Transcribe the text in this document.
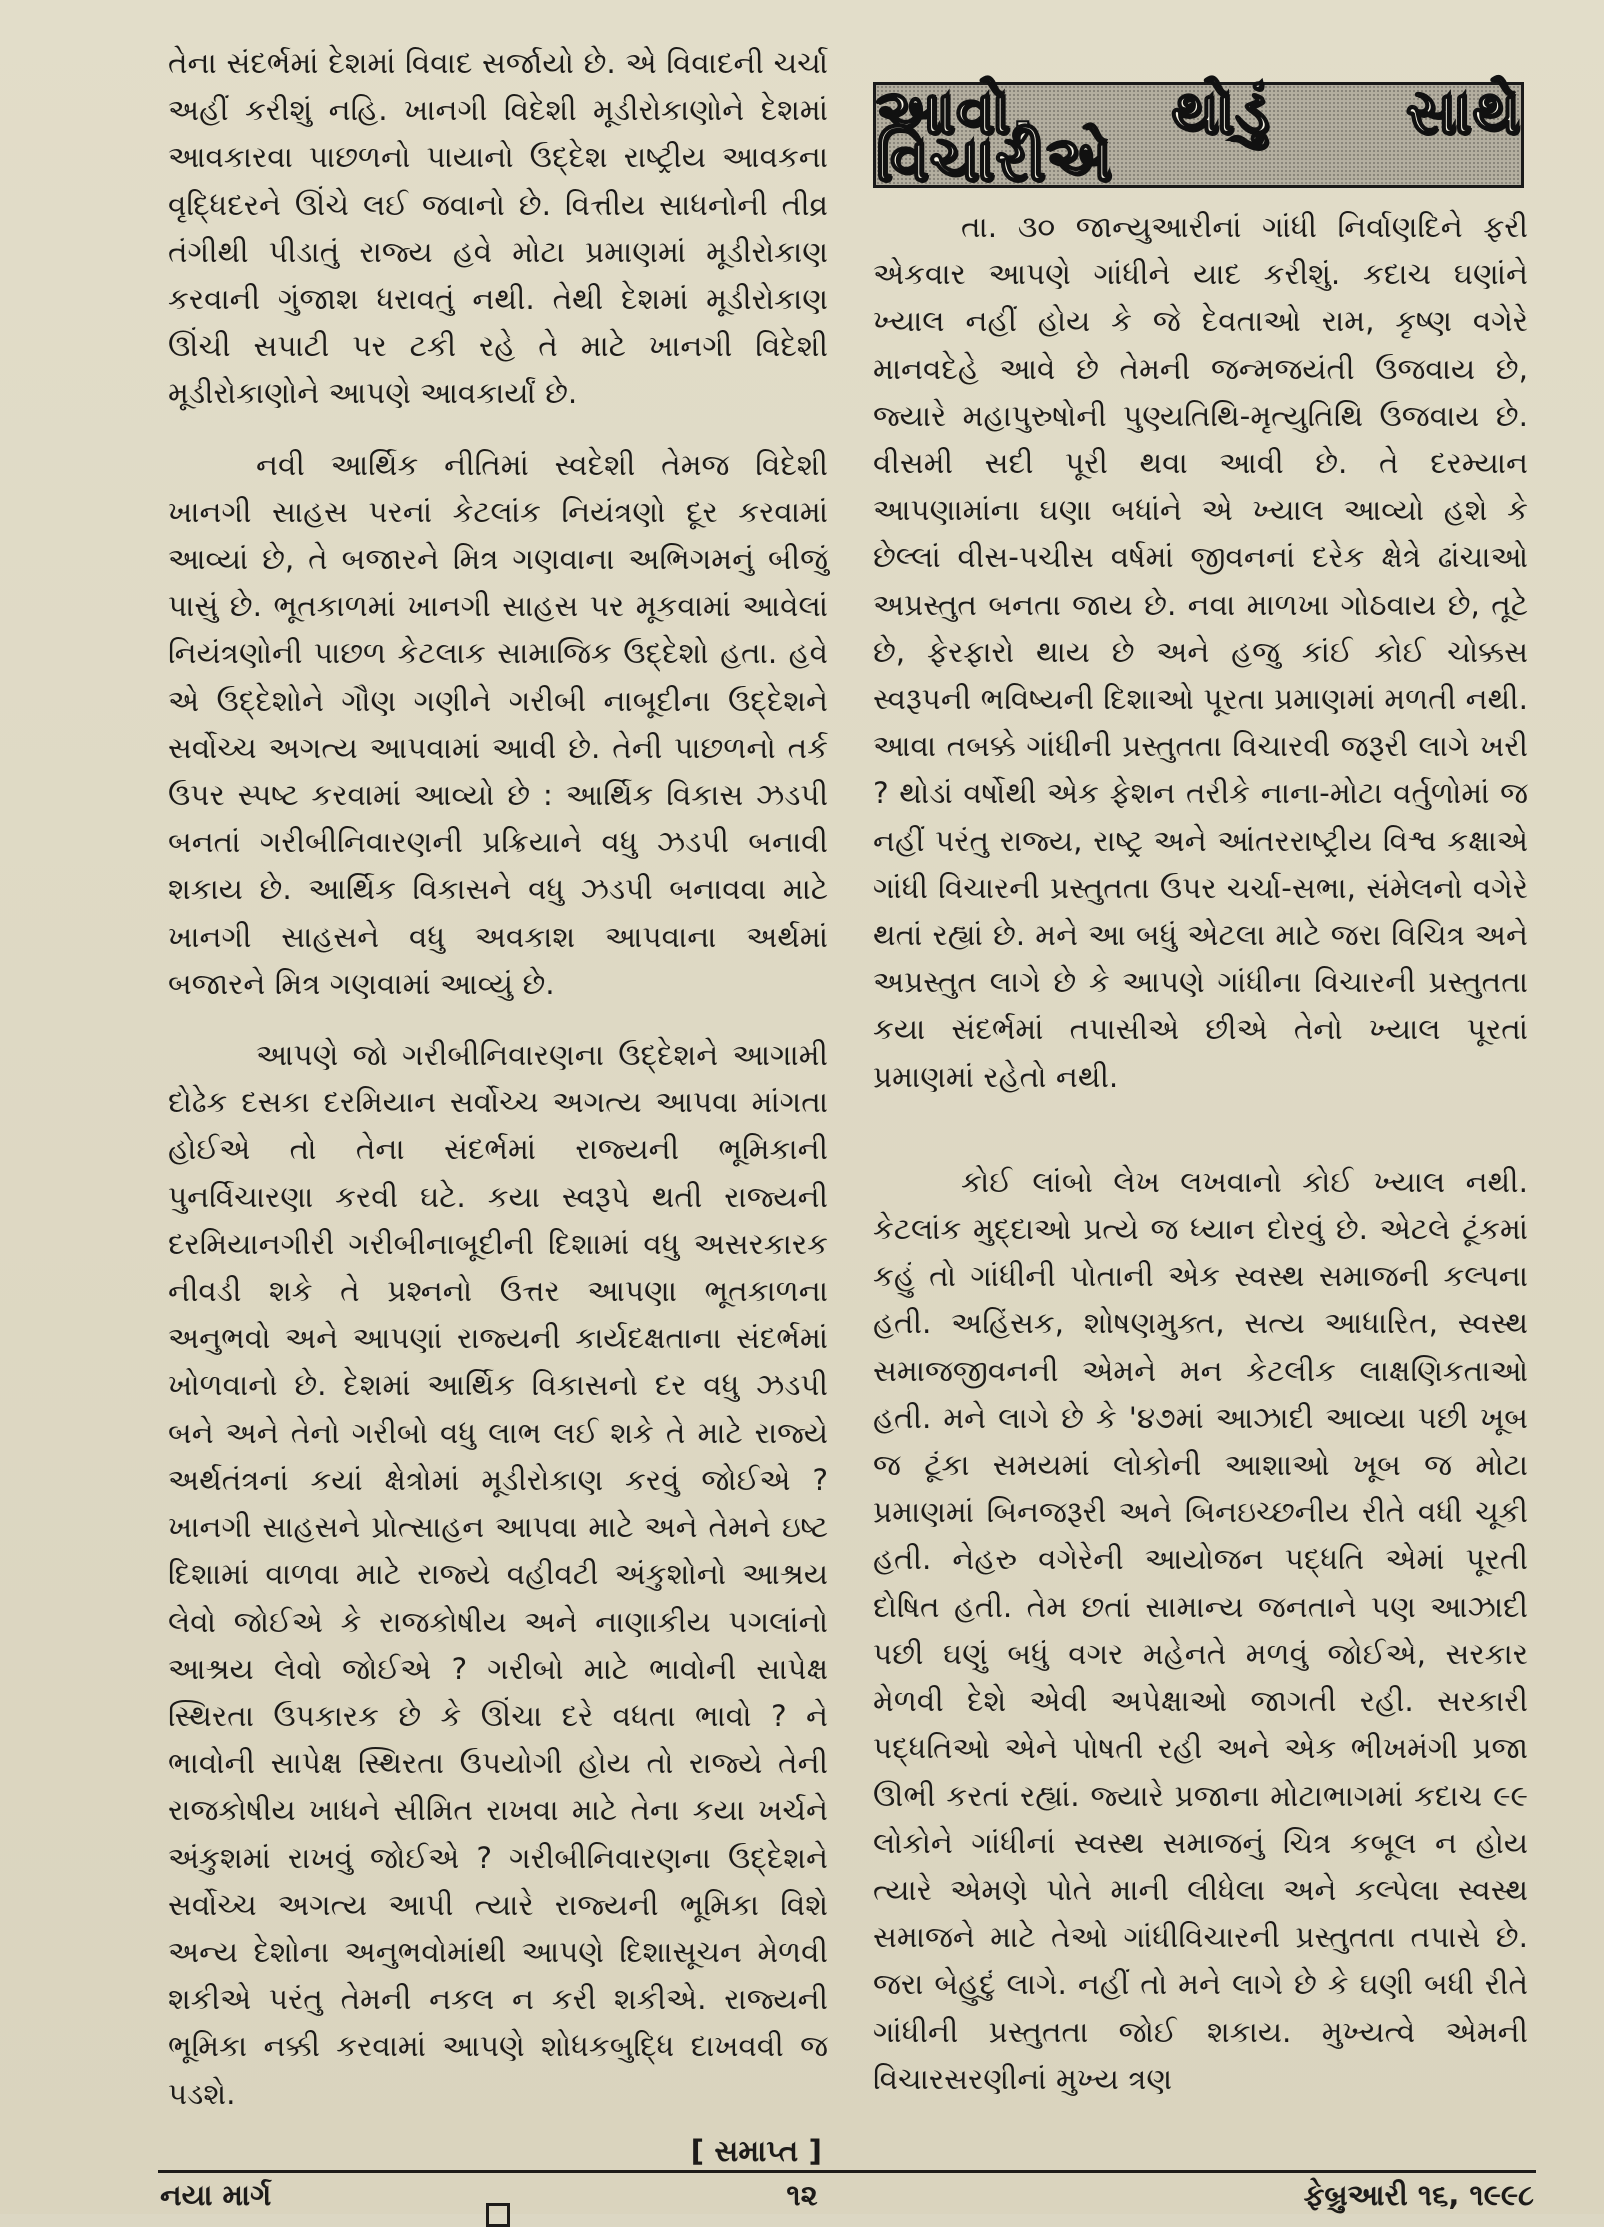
તેના સંદર્ભમાં દેશમાં વિવાદ સર્જાયો છે. એ વિવાદની ચર્ચા અહીં કરીશું નહિ. ખાનગી વિદેશી મૂડીરોકાણોને દેશમાં આવકારવા પાછળનો પાયાનો ઉદ્દેશ રાષ્ટ્રીય આવકના વૃદ્ધિદરને ઊંચે લઈ જવાનો છે. વિત્તીય સાધનોની તીવ્ર તંગીથી પીડાતું રાજ્ય હવે મોટા પ્રમાણમાં મૂડીરોકાણ કરવાની ગુંજાશ ધરાવતું નથી. તેથી દેશમાં મૂડીરોકાણ ઊંચી સપાટી પર ટકી રહે તે માટે ખાનગી વિદેશી મૂડીરોકાણોને આપણે આવકાર્યાં છે.

નવી આર્થિક નીતિમાં સ્વદેશી તેમજ વિદેશી ખાનગી સાહસ પરનાં કેટલાંક નિયંત્રણો દૂર કરવામાં આવ્યાં છે, તે બજારને મિત્ર ગણવાના અભિગમનું બીજું પાસું છે. ભૂતકાળમાં ખાનગી સાહસ પર મૂકવામાં આવેલાં નિયંત્રણોની પાછળ કેટલાક સામાજિક ઉદ્દેશો હતા. હવે એ ઉદ્દેશોને ગૌણ ગણીને ગરીબી નાબૂદીના ઉદ્દેશને સર્વોચ્ચ અગત્ય આપવામાં આવી છે. તેની પાછળનો તર્ક ઉપર સ્પષ્ટ કરવામાં આવ્યો છે : આર્થિક વિકાસ ઝડપી બનતાં ગરીબીનિવારણની પ્રક્રિયાને વધુ ઝડપી બનાવી શકાય છે. આર્થિક વિકાસને વધુ ઝડપી બનાવવા માટે ખાનગી સાહસને વધુ અવકાશ આપવાના અર્થમાં બજારને મિત્ર ગણવામાં આવ્યું છે.

આપણે જો ગરીબીનિવારણના ઉદ્દેશને આગામી દોઢેક દસકા દરમિયાન સર્વોચ્ચ અગત્ય આપવા માંગતા હોઈએ તો તેના સંદર્ભમાં રાજ્યની ભૂમિકાની પુનર્વિચારણા કરવી ઘટે. કયા સ્વરૂપે થતી રાજ્યની દરમિયાનગીરી ગરીબીનાબૂદીની દિશામાં વધુ અસરકારક નીવડી શકે તે પ્રશ્નનો ઉત્તર આપણા ભૂતકાળના અનુભવો અને આપણાં રાજ્યની કાર્યદક્ષતાના સંદર્ભમાં ખોળવાનો છે. દેશમાં આર્થિક વિકાસનો દર વધુ ઝડપી બને અને તેનો ગરીબો વધુ લાભ લઈ શકે તે માટે રાજ્યે અર્થતંત્રનાં કયાં ક્ષેત્રોમાં મૂડીરોકાણ કરવું જોઈએ ? ખાનગી સાહસને પ્રોત્સાહન આપવા માટે અને તેમને ઇષ્ટ દિશામાં વાળવા માટે રાજ્યે વહીવટી અંકુશોનો આશ્રય લેવો જોઈએ કે રાજકોષીય અને નાણાકીય પગલાંનો આશ્રય લેવો જોઈએ ? ગરીબો માટે ભાવોની સાપેક્ષ સ્થિરતા ઉપકારક છે કે ઊંચા દરે વધતા ભાવો ? ને ભાવોની સાપેક્ષ સ્થિરતા ઉપયોગી હોય તો રાજ્યે તેની રાજકોષીય ખાધને સીમિત રાખવા માટે તેના કયા ખર્ચને અંકુશમાં રાખવું જોઈએ ? ગરીબીનિવારણના ઉદ્દેશને સર્વોચ્ચ અગત્ય આપી ત્યારે રાજ્યની ભૂમિકા વિશે અન્ય દેશોના અનુભવોમાંથી આપણે દિશાસૂચન મેળવી શકીએ પરંતુ તેમની નકલ ન કરી શકીએ. રાજ્યની ભૂમિકા નક્કી કરવામાં આપણે શોધકબુદ્ધિ દાખવવી જ પડશે.

[ સમાપ્ત ]
આવો, થોડું સાથે વિચારીએ

તા. ૩૦ જાન્યુઆરીનાં ગાંધી નિર્વાણદિને ફરી એકવાર આપણે ગાંધીને યાદ કરીશું. કદાચ ઘણાંને ખ્યાલ નહીં હોય કે જે દેવતાઓ રામ, કૃષ્ણ વગેરે માનવદેહે આવે છે તેમની જન્મજયંતી ઉજવાય છે, જ્યારે મહાપુરુષોની પુણ્યતિથિ-મૃત્યુતિથિ ઉજવાય છે. વીસમી સદી પૂરી થવા આવી છે. તે દરમ્યાન આપણામાંના ઘણા બધાંને એ ખ્યાલ આવ્યો હશે કે છેલ્લાં વીસ-પચીસ વર્ષમાં જીવનનાં દરેક ક્ષેત્રે ઢાંચાઓ અપ્રસ્તુત બનતા જાય છે. નવા માળખા ગોઠવાય છે, તૂટે છે, ફેરફારો થાય છે અને હજુ કાંઈ કોઈ ચોક્કસ સ્વરૂપની ભવિષ્યની દિશાઓ પૂરતા પ્રમાણમાં મળતી નથી. આવા તબક્કે ગાંધીની પ્રસ્તુતતા વિચારવી જરૂરી લાગે ખરી ? થોડાં વર્ષોથી એક ફેશન તરીકે નાના-મોટા વર્તુળોમાં જ નહીં પરંતુ રાજ્ય, રાષ્ટ્ર અને આંતરરાષ્ટ્રીય વિશ્વ કક્ષાએ ગાંધી વિચારની પ્રસ્તુતતા ઉપર ચર્ચા-સભા, સંમેલનો વગેરે થતાં રહ્યાં છે. મને આ બધું એટલા માટે જરા વિચિત્ર અને અપ્રસ્તુત લાગે છે કે આપણે ગાંધીના વિચારની પ્રસ્તુતતા કયા સંદર્ભમાં તપાસીએ છીએ તેનો ખ્યાલ પૂરતાં પ્રમાણમાં રહેતો નથી.

કોઈ લાંબો લેખ લખવાનો કોઈ ખ્યાલ નથી. કેટલાંક મુદ્દાઓ પ્રત્યે જ ધ્યાન દોરવું છે. એટલે ટૂંકમાં કહું તો ગાંધીની પોતાની એક સ્વસ્થ સમાજની કલ્પના હતી. અહિંસક, શોષણમુક્ત, સત્ય આધારિત, સ્વસ્થ સમાજજીવનની એમને મન કેટલીક લાક્ષણિકતાઓ હતી. મને લાગે છે કે '૪૭માં આઝાદી આવ્યા પછી ખૂબ જ ટૂંકા સમયમાં લોકોની આશાઓ ખૂબ જ મોટા પ્રમાણમાં બિનજરૂરી અને બિનઇચ્છનીય રીતે વધી ચૂકી હતી. નેહરુ વગેરેની આયોજન પદ્ધતિ એમાં પૂરતી દોષિત હતી. તેમ છતાં સામાન્ય જનતાને પણ આઝાદી પછી ઘણું બધું વગર મહેનતે મળવું જોઈએ, સરકાર મેળવી દેશે એવી અપેક્ષાઓ જાગતી રહી. સરકારી પદ્ધતિઓ એને પોષતી રહી અને એક ભીખમંગી પ્રજા ઊભી કરતાં રહ્યાં. જ્યારે પ્રજાના મોટાભાગમાં કદાચ ૯૯ લોકોને ગાંધીનાં સ્વસ્થ સમાજનું ચિત્ર કબૂલ ન હોય ત્યારે એમણે પોતે માની લીધેલા અને કલ્પેલા સ્વસ્થ સમાજને માટે તેઓ ગાંધીવિચારની પ્રસ્તુતતા તપાસે છે. જરા બેહુદું લાગે. નહીં તો મને લાગે છે કે ઘણી બધી રીતે ગાંધીની પ્રસ્તુતતા જોઈ શકાય. મુખ્યત્વે એમની વિચારસરણીનાં મુખ્ય ત્રણ

નયા માર્ગ	૧૨	ફેબ્રુઆરી ૧૬, ૧૯૯૮
